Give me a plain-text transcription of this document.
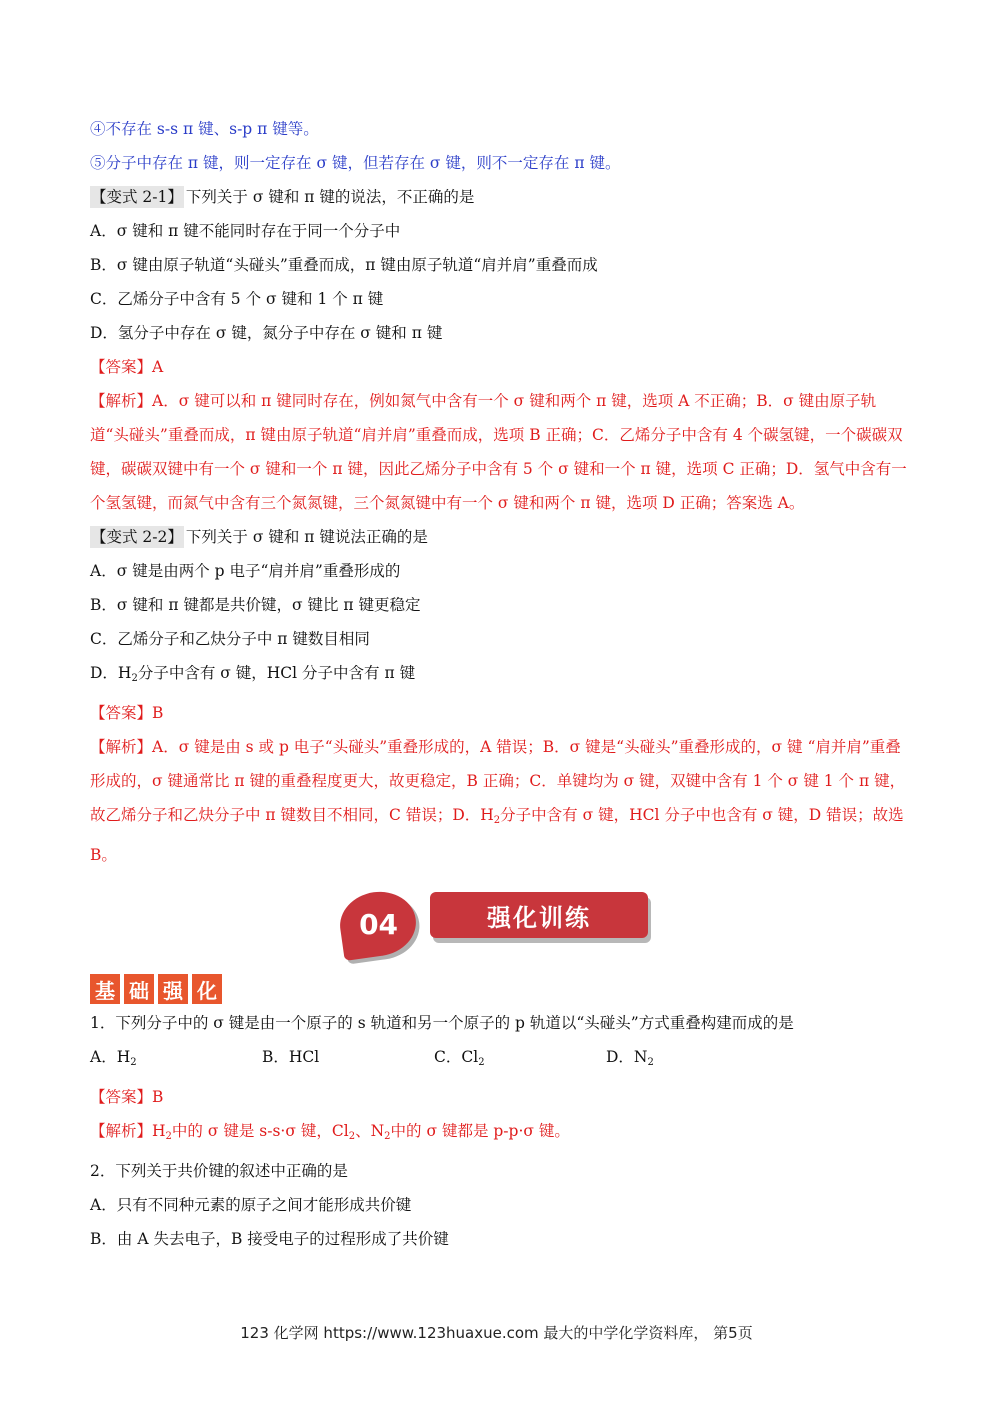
④不存在 s-s π 键、s-p π 键等。
⑤分子中存在 π 键，则一定存在 σ 键，但若存在 σ 键，则不一定存在 π 键。
【变式 2-1】 下列关于 σ 键和 π 键的说法，不正确的是
A．σ 键和 π 键不能同时存在于同一个分子中
B．σ 键由原子轨道“头碰头”重叠而成，π 键由原子轨道“肩并肩”重叠而成
C．乙烯分子中含有 5 个 σ 键和 1 个 π 键
D．氢分子中存在 σ 键，氮分子中存在 σ 键和 π 键
【答案】A
【解析】A．σ 键可以和 π 键同时存在，例如氮气中含有一个 σ 键和两个 π 键，选项 A 不正确；B．σ 键由原子轨道“头碰头”重叠而成，π 键由原子轨道“肩并肩”重叠而成，选项 B 正确；C．乙烯分子中含有 4 个碳氢键，一个碳碳双键，碳碳双键中有一个 σ 键和一个 π 键，因此乙烯分子中含有 5 个 σ 键和一个 π 键，选项 C 正确；D．氢气中含有一个氢氢键，而氮气中含有三个氮氮键，三个氮氮键中有一个 σ 键和两个 π 键，选项 D 正确；答案选 A。
【变式 2-2】 下列关于 σ 键和 π 键说法正确的是
A．σ 键是由两个 p 电子“肩并肩”重叠形成的
B．σ 键和 π 键都是共价键，σ 键比 π 键更稳定
C．乙烯分子和乙炔分子中 π 键数目相同
D．$H_2$分子中含有 σ 键，HCl 分子中含有 π 键
【答案】B
【解析】A．σ 键是由 s 或 p 电子“头碰头”重叠形成的，A 错误；B．σ 键是“头碰头”重叠形成的，σ 键 “肩并肩”重叠形成的，σ 键通常比 π 键的重叠程度更大，故更稳定，B 正确；C．单键均为 σ 键，双键中含有 1 个 σ 键 1 个 π 键，故乙烯分子和乙炔分子中 π 键数目不相同，C 错误；D．$H_2$分子中含有 σ 键，HCl 分子中也含有 σ 键，D 错误；故选 B。
04	强化训练
基 础 强 化
1．下列分子中的 σ 键是由一个原子的 s 轨道和另一个原子的 p 轨道以“头碰头”方式重叠构建而成的是
A．$H_2$	B．HCl	C．$Cl_2$	D．$N_2$
【答案】B
【解析】$H_2$中的 σ 键是 s-s·σ 键，$Cl_2$、$N_2$中的 σ 键都是 p-p·σ 键。
2．下列关于共价键的叙述中正确的是
A．只有不同种元素的原子之间才能形成共价键
B．由 A 失去电子，B 接受电子的过程形成了共价键
123 化学网 https://www.123huaxue.com 最大的中学化学资料库， 第5页
